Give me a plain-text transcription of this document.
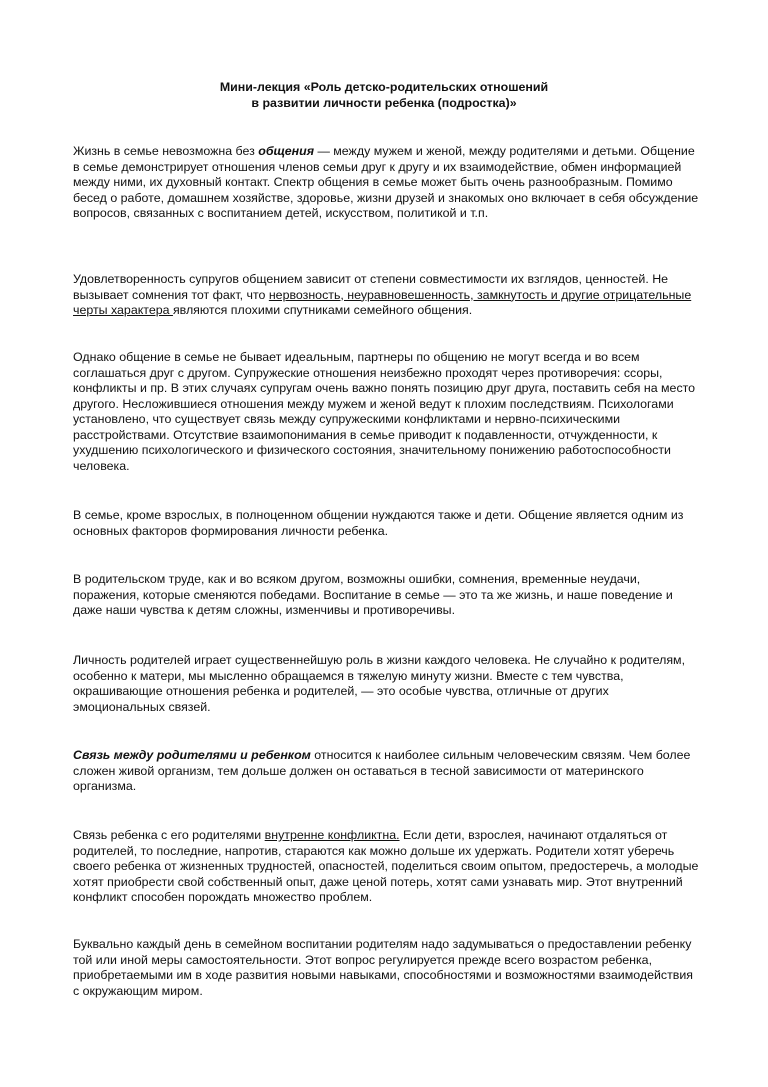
Мини-лекция «Роль детско-родительских отношений
в развитии личности ребенка (подростка)»

Жизнь в семье невозможна без общения — между мужем и женой, между родителями и детьми. Общение в семье демонстрирует отношения членов семьи друг к другу и их взаимодействие, обмен информацией между ними, их духовный контакт. Спектр общения в семье может быть очень разнообразным. Помимо бесед о работе, домашнем хозяйстве, здоровье, жизни друзей и знакомых оно включает в себя обсуждение вопросов, связанных с воспитанием детей, искусством, политикой и т.п.

Удовлетворенность супругов общением зависит от степени совместимости их взглядов, ценностей. Не вызывает сомнения тот факт, что нервозность, неуравновешенность, замкнутость и другие отрицательные черты характера являются плохими спутниками семейного общения.

Однако общение в семье не бывает идеальным, партнеры по общению не могут всегда и во всем соглашаться друг с другом. Супружеские отношения неизбежно проходят через противоречия: ссоры, конфликты и пр. В этих случаях супругам очень важно понять позицию друг друга, поставить себя на место другого. Несложившиеся отношения между мужем и женой ведут к плохим последствиям. Психологами установлено, что существует связь между супружескими конфликтами и нервно-психическими расстройствами. Отсутствие взаимопонимания в семье приводит к подавленности, отчужденности, к ухудшению психологического и физического состояния, значительному понижению работоспособности человека.

В семье, кроме взрослых, в полноценном общении нуждаются также и дети. Общение является одним из основных факторов формирования личности ребенка.

В родительском труде, как и во всяком другом, возможны ошибки, сомнения, временные неудачи, поражения, которые сменяются победами. Воспитание в семье — это та же жизнь, и наше поведение и даже наши чувства к детям сложны, изменчивы и противоречивы.

Личность родителей играет существеннейшую роль в жизни каждого человека. Не случайно к родителям, особенно к матери, мы мысленно обращаемся в тяжелую минуту жизни. Вместе с тем чувства, окрашивающие отношения ребенка и родителей, — это особые чувства, отличные от других эмоциональных связей.

Связь между родителями и ребенком относится к наиболее сильным человеческим связям. Чем более сложен живой организм, тем дольше должен он оставаться в тесной зависимости от материнского организма.

Связь ребенка с его родителями внутренне конфликтна. Если дети, взрослея, начинают отдаляться от родителей, то последние, напротив, стараются как можно дольше их удержать. Родители хотят уберечь своего ребенка от жизненных трудностей, опасностей, поделиться своим опытом, предостеречь, а молодые хотят приобрести свой собственный опыт, даже ценой потерь, хотят сами узнавать мир. Этот внутренний конфликт способен порождать множество проблем.

Буквально каждый день в семейном воспитании родителям надо задумываться о предоставлении ребенку той или иной меры самостоятельности. Этот вопрос регулируется прежде всего возрастом ребенка, приобретаемыми им в ходе развития новыми навыками, способностями и возможностями взаимодействия с окружающим миром.
